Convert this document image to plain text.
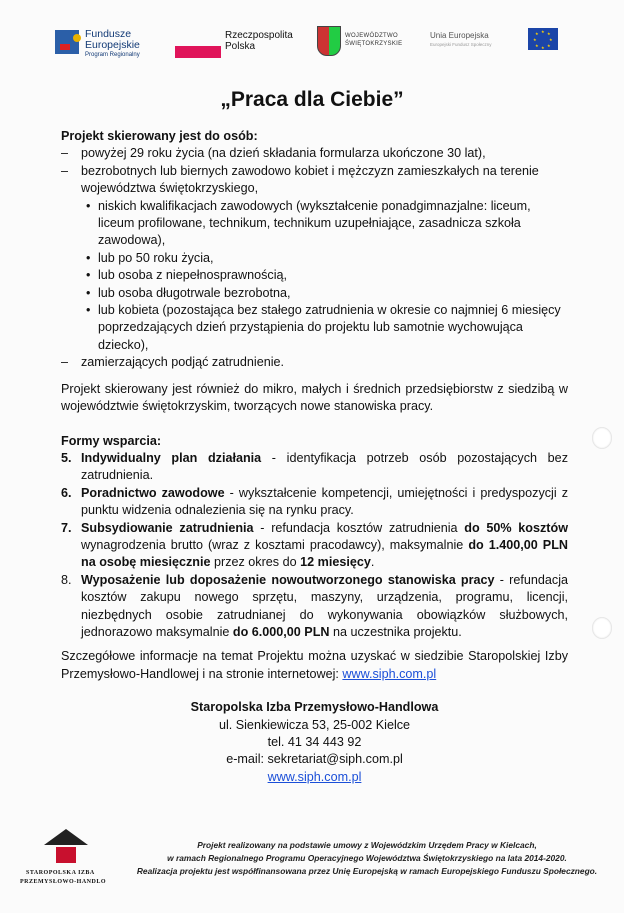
Fundusze
Europejskie
Program Regionalny
Rzeczpospolita
Polska
WOJEWÓDZTWO
ŚWIĘTOKRZYSKIE
Unia Europejska
Europejski Fundusz Społeczny
★ ★
★
★
★
★
★
★
„Praca dla Ciebie”

Projekt skierowany jest do osób:

– powyżej 29 roku życia (na dzień składania formularza ukończone 30 lat),

– bezrobotnych lub biernych zawodowo kobiet i mężczyzn zamieszkałych na terenie województwa świętokrzyskiego,

• niskich kwalifikacjach zawodowych (wykształcenie ponadgimnazjalne: liceum, liceum profilowane, technikum, technikum uzupełniające, zasadnicza szkoła zawodowa),

• lub po 50 roku życia,

• lub osoba z niepełnosprawnością,

• lub osoba długotrwale bezrobotna,

• lub kobieta (pozostająca bez stałego zatrudnienia w okresie co najmniej 6 miesięcy poprzedzających dzień przystąpienia do projektu lub samotnie wychowująca dziecko),

– zamierzających podjąć zatrudnienie.

Projekt skierowany jest również do mikro, małych i średnich przedsiębiorstw z siedzibą w województwie świętokrzyskim, tworzących nowe stanowiska pracy.

Formy wsparcia:

5. Indywidualny plan działania - identyfikacja potrzeb osób pozostających bez zatrudnienia.

6. Poradnictwo zawodowe - wykształcenie kompetencji, umiejętności i predyspozycji z punktu widzenia odnalezienia się na rynku pracy.

7. Subsydiowanie zatrudnienia - refundacja kosztów zatrudnienia do 50% kosztów wynagrodzenia brutto (wraz z kosztami pracodawcy), maksymalnie do 1.400,00 PLN na osobę miesięcznie przez okres do 12 miesięcy.

8. Wyposażenie lub doposażenie nowoutworzonego stanowiska pracy - refundacja kosztów zakupu nowego sprzętu, maszyny, urządzenia, programu, licencji, niezbędnych osobie zatrudnianej do wykonywania obowiązków służbowych, jednorazowo maksymalnie do 6.000,00 PLN na uczestnika projektu.

Szczegółowe informacje na temat Projektu można uzyskać w siedzibie Staropolskiej Izby Przemysłowo-Handlowej i na stronie internetowej: www.siph.com.pl

Staropolska Izba Przemysłowo-Handlowa

ul. Sienkiewicza 53, 25-002 Kielce

tel. 41 34 443 92

e-mail: sekretariat@siph.com.pl

www.siph.com.pl

STAROPOLSKA IZBA
PRZEMYSŁOWO-HANDLO
Projekt realizowany na podstawie umowy z Wojewódzkim Urzędem Pracy w Kielcach,
w ramach Regionalnego Programu Operacyjnego Województwa Świętokrzyskiego na lata 2014-2020.
Realizacja projektu jest współfinansowana przez Unię Europejską w ramach Europejskiego Funduszu Społecznego.
